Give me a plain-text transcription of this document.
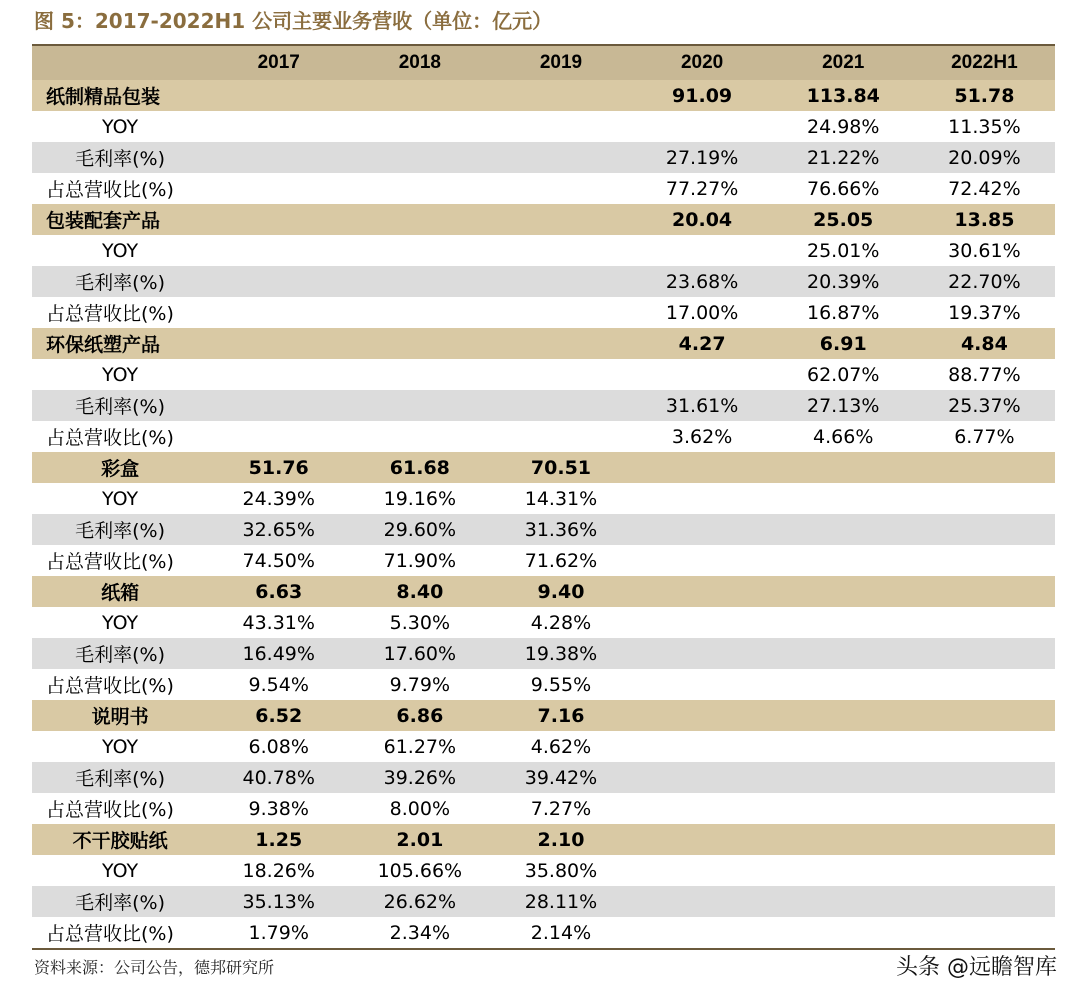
图 5：2017-2022H1 公司主要业务营收（单位：亿元）
	2017	2018	2019	2020	2021	2022H1
纸制精品包装				91.09	113.84	51.78
YOY					24.98%	11.35%
毛利率(%)				27.19%	21.22%	20.09%
占总营收比(%)				77.27%	76.66%	72.42%
包装配套产品				20.04	25.05	13.85
YOY					25.01%	30.61%
毛利率(%)				23.68%	20.39%	22.70%
占总营收比(%)				17.00%	16.87%	19.37%
环保纸塑产品				4.27	6.91	4.84
YOY					62.07%	88.77%
毛利率(%)				31.61%	27.13%	25.37%
占总营收比(%)				3.62%	4.66%	6.77%
彩盒	51.76	61.68	70.51			
YOY	24.39%	19.16%	14.31%			
毛利率(%)	32.65%	29.60%	31.36%			
占总营收比(%)	74.50%	71.90%	71.62%			
纸箱	6.63	8.40	9.40			
YOY	43.31%	5.30%	4.28%			
毛利率(%)	16.49%	17.60%	19.38%			
占总营收比(%)	9.54%	9.79%	9.55%			
说明书	6.52	6.86	7.16			
YOY	6.08%	61.27%	4.62%			
毛利率(%)	40.78%	39.26%	39.42%			
占总营收比(%)	9.38%	8.00%	7.27%			
不干胶贴纸	1.25	2.01	2.10			
YOY	18.26%	105.66%	35.80%			
毛利率(%)	35.13%	26.62%	28.11%			
占总营收比(%)	1.79%	2.34%	2.14%			
资料来源：公司公告，德邦研究所	头条 @远瞻智库
